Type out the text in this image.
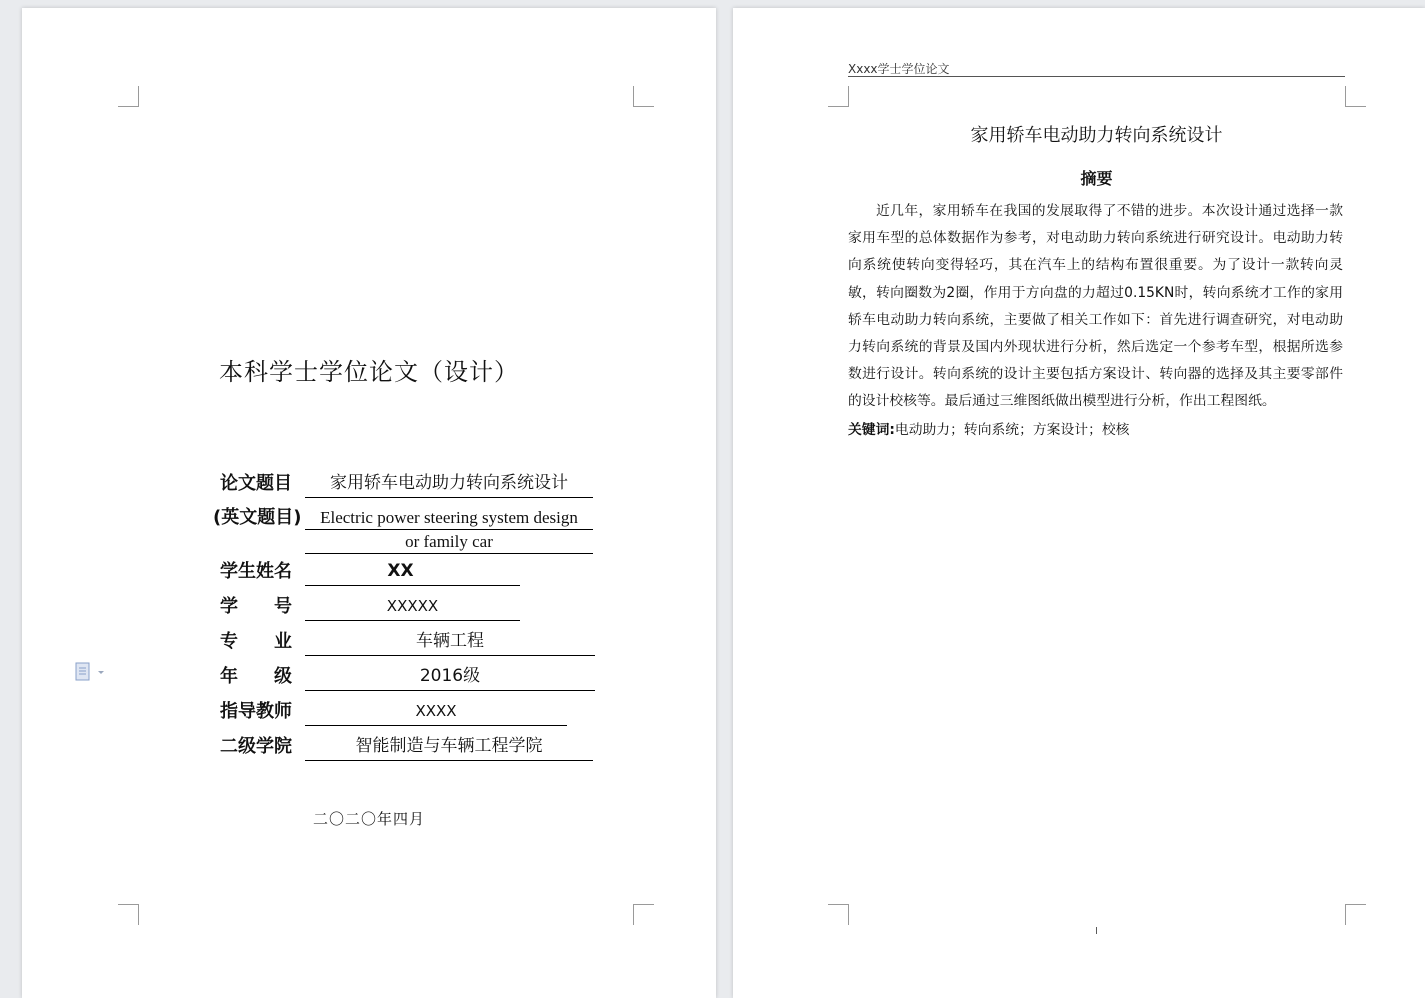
本科学士学位论文（设计）
论文题目	家用轿车电动助力转向系统设计
(英文题目)	Electric power steering system design
or family car
学生姓名	XX
学　　号	XXXXX
专　　业	车辆工程
年　　级	2016级
指导教师	XXXX
二级学院	智能制造与车辆工程学院
二〇二〇年四月
Xxxx学士学位论文
家用轿车电动助力转向系统设计
摘要
近几年，家用轿车在我国的发展取得了不错的进步。本次设计通过选择一款家用车型的总体数据作为参考，对电动助力转向系统进行研究设计。电动助力转向系统使转向变得轻巧，其在汽车上的结构布置很重要。为了设计一款转向灵敏，转向圈数为2圈，作用于方向盘的力超过0.15KN时，转向系统才工作的家用轿车电动助力转向系统，主要做了相关工作如下：首先进行调查研究，对电动助力转向系统的背景及国内外现状进行分析，然后选定一个参考车型，根据所选参数进行设计。转向系统的设计主要包括方案设计、转向器的选择及其主要零部件的设计校核等。最后通过三维图纸做出模型进行分析，作出工程图纸。
关键词:电动助力；转向系统；方案设计；校核
I
